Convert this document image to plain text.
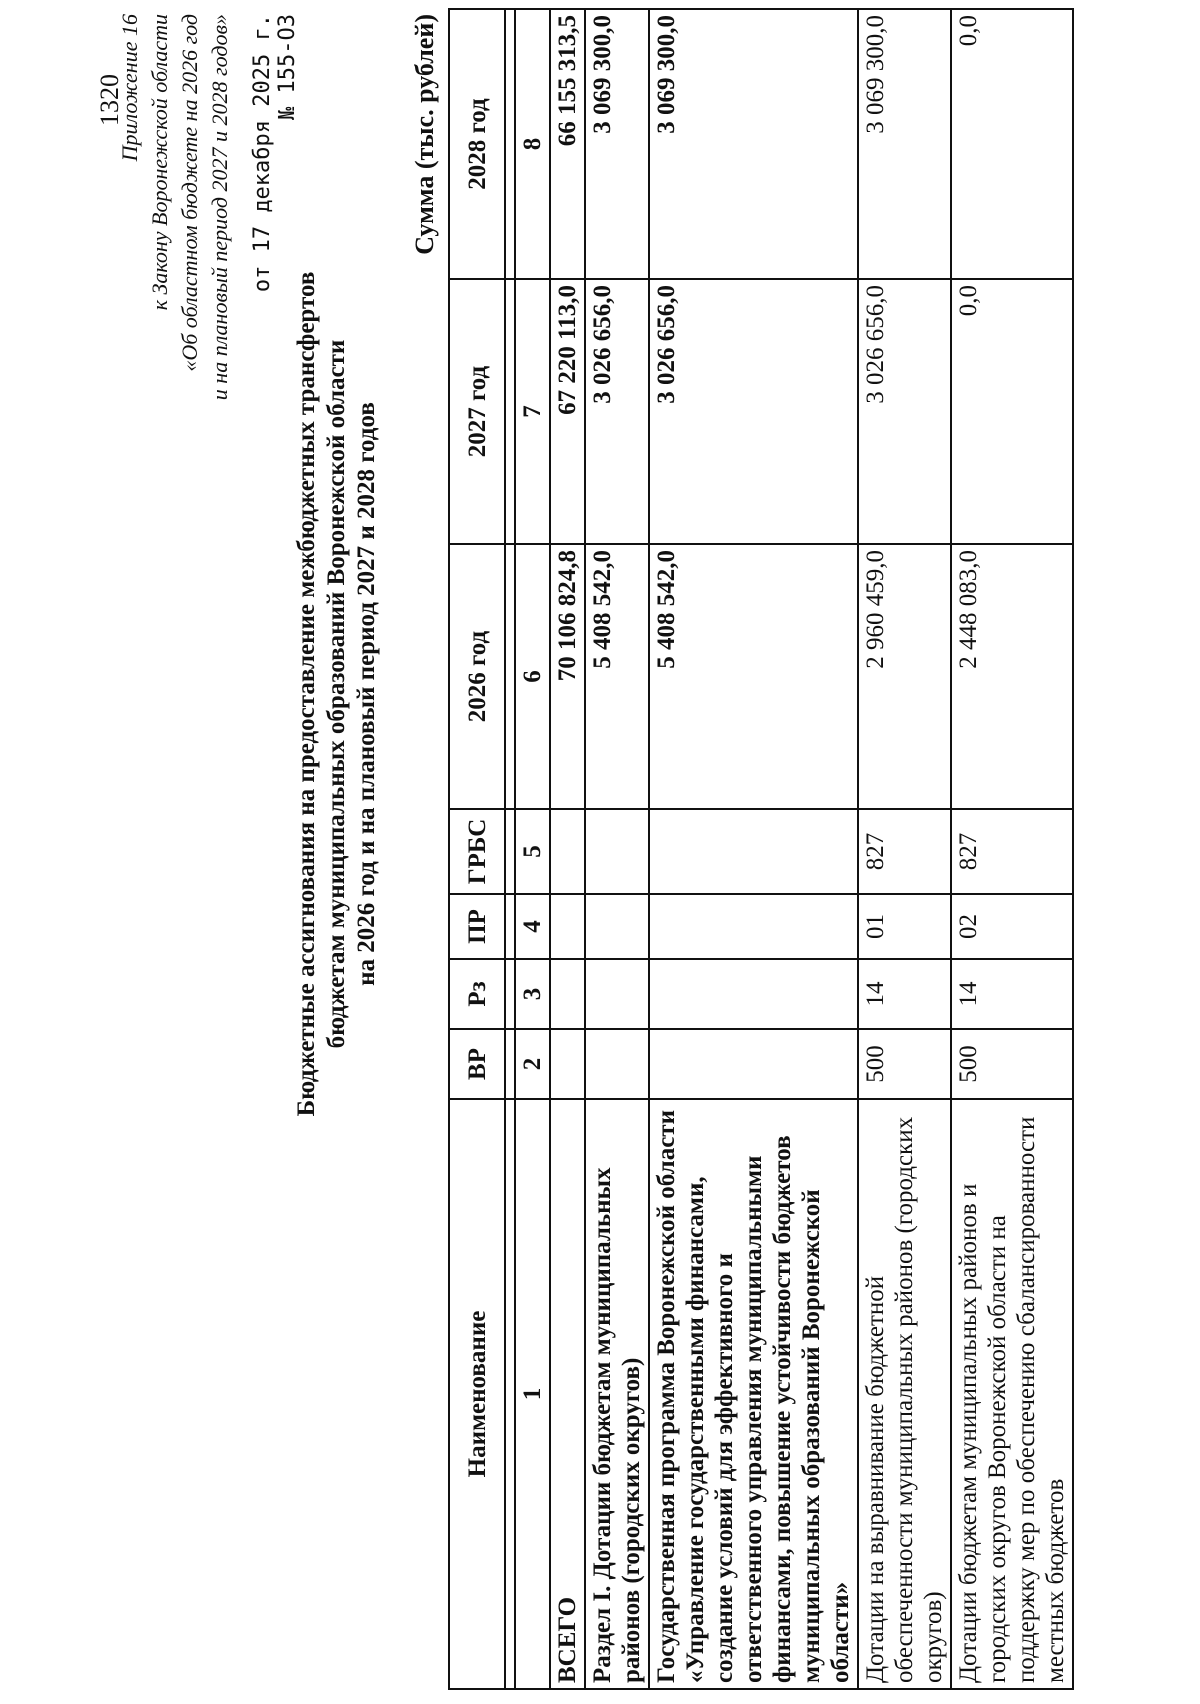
1320
Приложение 16 к Закону Воронежской области «Об областном бюджете на 2026 год и на плановый период 2027 и 2028 годов» от 17 декабря 2025 г. № 155-ОЗ
Бюджетные ассигнования на предоставление межбюджетных трансфертов бюджетам муниципальных образований Воронежской области на 2026 год и на плановый период 2027 и 2028 годов
Сумма (тыс. рублей)
Наименование	ВР	Рз	ПР	ГРБС	2026 год	2027 год	2028 год

1	2	3	4	5	6	7	8
ВСЕГО					70 106 824,8	67 220 113,0	66 155 313,5
Раздел I. Дотации бюджетам муниципальных районов (городских округов)					5 408 542,0	3 026 656,0	3 069 300,0
Государственная программа Воронежской области «Управление государственными финансами, создание условий для эффективного и ответственного управления муниципальными финансами, повышение устойчивости бюджетов муниципальных образований Воронежской области»					5 408 542,0	3 026 656,0	3 069 300,0
Дотации на выравнивание бюджетной обеспеченности муниципальных районов (городских округов)	500	14	01	827	2 960 459,0	3 026 656,0	3 069 300,0
Дотации бюджетам муниципальных районов и городских округов Воронежской области на поддержку мер по обеспечению сбалансированности местных бюджетов	500	14	02	827	2 448 083,0	0,0	0,0
